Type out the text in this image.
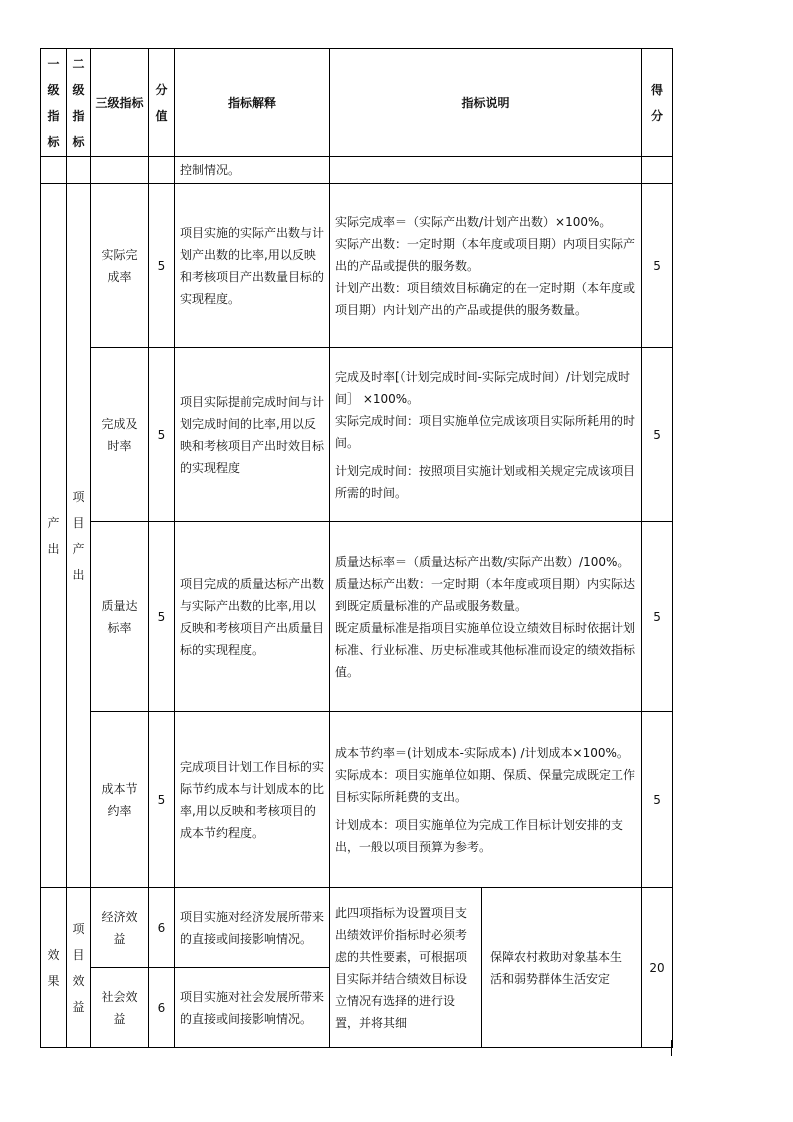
一级指标	二级指标	三级指标	分值	指标解释	指标说明		得分

				控制情况。			

产出	项目产出	实际完成率	5	项目实施的实际产出数与计划产出数的比率,用以反映和考核项目产出数量目标的实现程度。	实际完成率＝（实际产出数/计划产出数）×100%。
实际产出数：一定时期（本年度或项目期）内项目实际产出的产品或提供的服务数。
计划产出数：项目绩效目标确定的在一定时期（本年度或项目期）内计划产出的产品或提供的服务数量。		5
		完成及时率	5	项目实际提前完成时间与计划完成时间的比率,用以反映和考核项目产出时效目标的实现程度	完成及时率[（计划完成时间-实际完成时间）/计划完成时间］ ×100%。
实际完成时间：项目实施单位完成该项目实际所耗用的时间。
计划完成时间：按照项目实施计划或相关规定完成该项目所需的时间。		5
		质量达标率	5	项目完成的质量达标产出数与实际产出数的比率,用以反映和考核项目产出质量目标的实现程度。	质量达标率＝（质量达标产出数/实际产出数）/100%。
质量达标产出数：一定时期（本年度或项目期）内实际达到既定质量标准的产品或服务数量。
既定质量标准是指项目实施单位设立绩效目标时依据计划标准、行业标准、历史标准或其他标准而设定的绩效指标值。		5
		成本节约率	5	完成项目计划工作目标的实际节约成本与计划成本的比率,用以反映和考核项目的成本节约程度。	成本节约率＝(计划成本-实际成本) /计划成本×100%。
实际成本：项目实施单位如期、保质、保量完成既定工作目标实际所耗费的支出。
计划成本：项目实施单位为完成工作目标计划安排的支出，一般以项目预算为参考。		5

效果	项目效益	经济效益	6	项目实施对经济发展所带来的直接或间接影响情况。	此四项指标为设置项目支出绩效评价指标时必须考虑的共性要素，可根据项目实际并结合绩效目标设立情况有选择的进行设置，并将其细	保障农村救助对象基本生活和弱势群体生活安定	20
		社会效益	6	项目实施对社会发展所带来的直接或间接影响情况。			
